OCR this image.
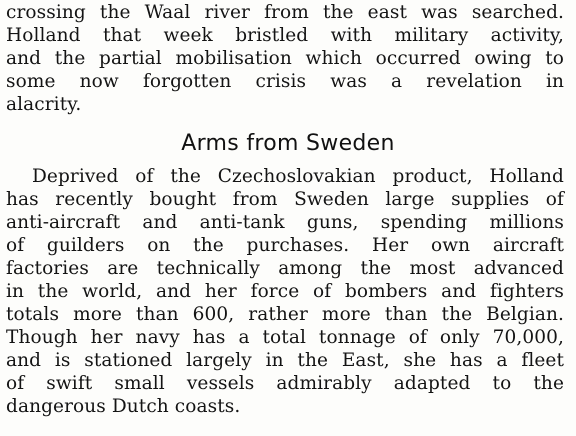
crossing the Waal river from the east was searched.
Holland that week bristled with military activity,
and the partial mobilisation which occurred owing to
some now forgotten crisis was a revelation in
alacrity.
Arms from Sweden
Deprived of the Czechoslovakian product, Holland
has recently bought from Sweden large supplies of
anti-aircraft and anti-tank guns, spending millions
of guilders on the purchases. Her own aircraft
factories are technically among the most advanced
in the world, and her force of bombers and fighters
totals more than 600, rather more than the Belgian.
Though her navy has a total tonnage of only 70,000,
and is stationed largely in the East, she has a fleet
of swift small vessels admirably adapted to the
dangerous Dutch coasts.
